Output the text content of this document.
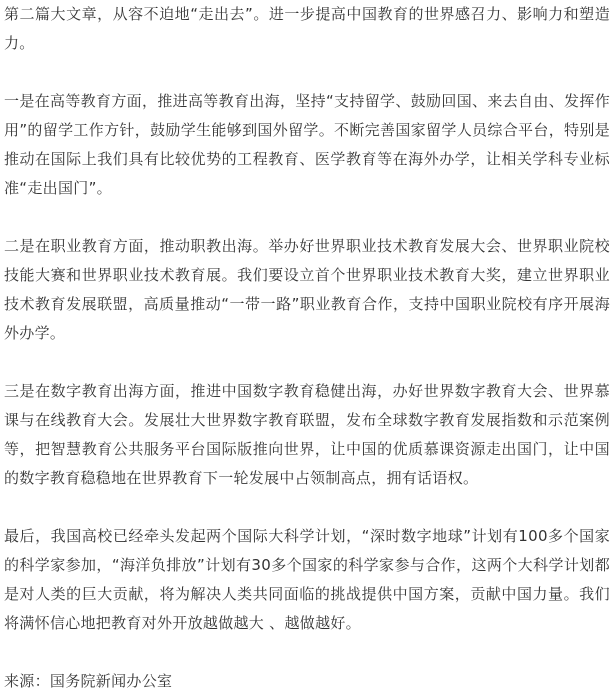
第二篇大文章，从容不迫地“走出去”。进一步提高中国教育的世界感召力、影响力和塑造力。

一是在高等教育方面，推进高等教育出海，坚持“支持留学、鼓励回国、来去自由、发挥作用”的留学工作方针，鼓励学生能够到国外留学。不断完善国家留学人员综合平台，特别是推动在国际上我们具有比较优势的工程教育、医学教育等在海外办学，让相关学科专业标准“走出国门”。

二是在职业教育方面，推动职教出海。举办好世界职业技术教育发展大会、世界职业院校技能大赛和世界职业技术教育展。我们要设立首个世界职业技术教育大奖，建立世界职业技术教育发展联盟，高质量推动“一带一路”职业教育合作，支持中国职业院校有序开展海外办学。

三是在数字教育出海方面，推进中国数字教育稳健出海，办好世界数字教育大会、世界慕课与在线教育大会。发展壮大世界数字教育联盟，发布全球数字教育发展指数和示范案例等，把智慧教育公共服务平台国际版推向世界，让中国的优质慕课资源走出国门，让中国的数字教育稳稳地在世界教育下一轮发展中占领制高点，拥有话语权。

最后，我国高校已经牵头发起两个国际大科学计划，“深时数字地球”计划有100多个国家的科学家参加，“海洋负排放”计划有30多个国家的科学家参与合作，这两个大科学计划都是对人类的巨大贡献，将为解决人类共同面临的挑战提供中国方案，贡献中国力量。我们将满怀信心地把教育对外开放越做越大 、越做越好。

来源：国务院新闻办公室
